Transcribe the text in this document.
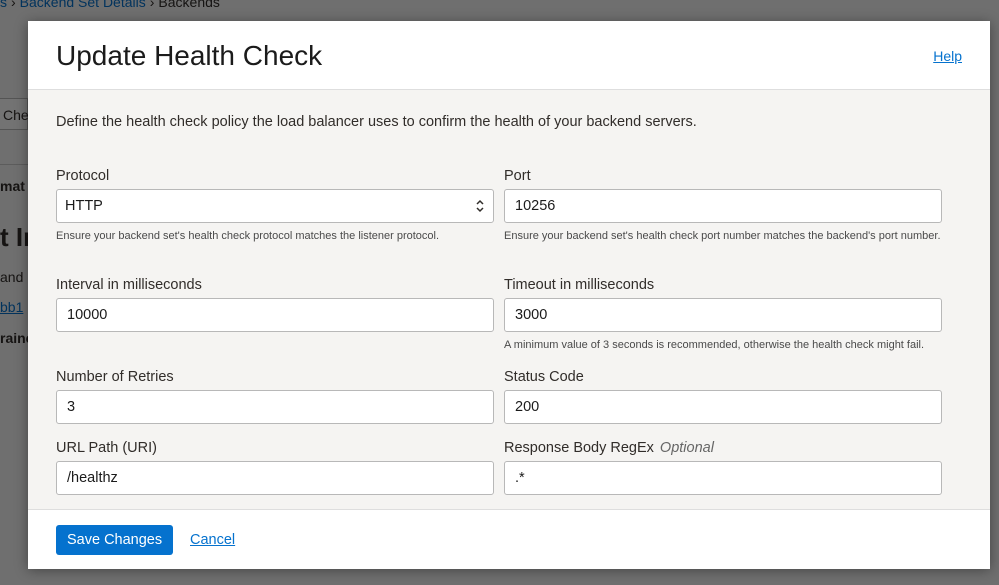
Update Health Check	Help
Define the health check policy the load balancer uses to confirm the health of your backend servers.
Protocol
HTTP
Ensure your backend set's health check protocol matches the listener protocol.
Port
10256
Ensure your backend set's health check port number matches the backend's port number.
Interval in milliseconds
10000
Timeout in milliseconds
3000
A minimum value of 3 seconds is recommended, otherwise the health check might fail.
Number of Retries
3
Status Code
200
URL Path (URI)
/healthz
Response Body RegEx Optional
.*
Save Changes	Cancel
